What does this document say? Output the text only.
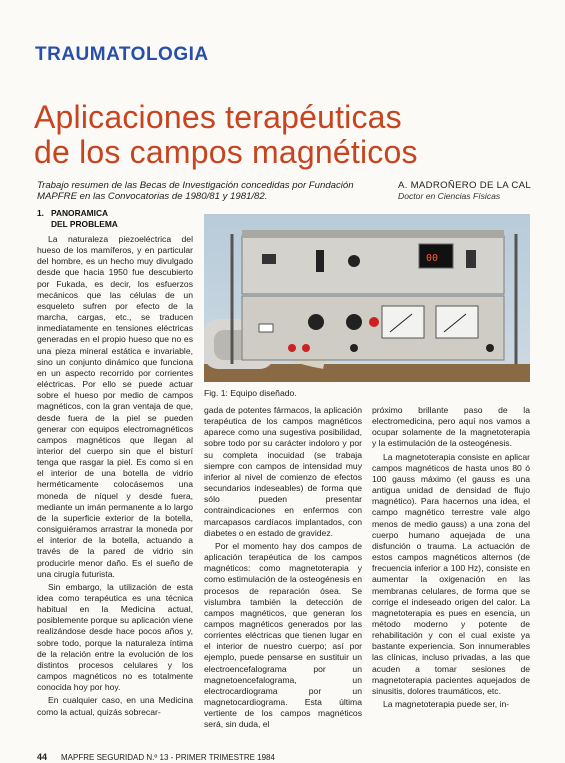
TRAUMATOLOGIA
Aplicaciones terapéuticas
de los campos magnéticos
Trabajo resumen de las Becas de Investigación concedidas por Fundación MAPFRE en las Convocatorias de 1980/81 y 1981/82.
A. MADROÑERO DE LA CAL
Doctor en Ciencias Físicas
1. PANORAMICA
DEL PROBLEMA

La naturaleza piezoeléctrica del hueso de los mamíferos, y en particular del hombre, es un hecho muy divulgado desde que hacia 1950 fue descubierto por Fukada, es decir, los esfuerzos mecánicos que las células de un esqueleto sufren por efecto de la marcha, cargas, etc., se traducen inmediatamente en tensiones eléctricas generadas en el propio hueso que no es una pieza mineral estática e invariable, sino un conjunto dinámico que funciona en un aspecto recorrido por corrientes eléctricas. Por ello se puede actuar sobre el hueso por medio de campos magnéticos, con la gran ventaja de que, desde fuera de la piel se pueden generar con equipos electromagnéticos campos magnéticos que llegan al interior del cuerpo sin que el bisturí tenga que rasgar la piel. Es como si en el interior de una botella de vidrio herméticamente colocásemos una moneda de níquel y desde fuera, mediante un imán permanente a lo largo de la superficie exterior de la botella, consiguiéramos arrastrar la moneda por el interior de la botella, actuando a través de la pared de vidrio sin producirle menor daño. Es el sueño de una cirugía futurista.

Sin embargo, la utilización de esta idea como terapéutica es una técnica habitual en la Medicina actual, posiblemente porque su aplicación viene realizándose desde hace pocos años y, sobre todo, porque la naturaleza íntima de la relación entre la evolución de los distintos procesos celulares y los campos magnéticos no es totalmente conocida hoy por hoy.

En cualquier caso, en una Medicina como la actual, quizás sobrecar-

00
Fig. 1: Equipo diseñado.

gada de potentes fármacos, la aplicación terapéutica de los campos magnéticos aparece como una sugestiva posibilidad, sobre todo por su carácter indoloro y por su completa inocuidad (se trabaja siempre con campos de intensidad muy inferior al nivel de comienzo de efectos secundarios indeseables) de forma que sólo pueden presentar contraindicaciones en enfermos con marcapasos cardíacos implantados, con diabetes o en estado de gravidez.

Por el momento hay dos campos de aplicación terapéutica de los campos magnéticos: como magnetoterapia y como estimulación de la osteogénesis en procesos de reparación ósea. Se vislumbra también la detección de campos magnéticos, que generan los campos magnéticos generados por las corrientes eléctricas que tienen lugar en el interior de nuestro cuerpo; así por ejemplo, puede pensarse en sustituir un electroencefalograma por un magnetoencefalograma, un electrocardiograma por un magnetocardiograma. Esta última vertiente de los campos magnéticos será, sin duda, el

próximo brillante paso de la electromedicina, pero aquí nos vamos a ocupar solamente de la magnetoterapia y la estimulación de la osteogénesis.

La magnetoterapia consiste en aplicar campos magnéticos de hasta unos 80 ó 100 gauss máximo (el gauss es una antigua unidad de densidad de flujo magnético). Para hacernos una idea, el campo magnético terrestre vale algo menos de medio gauss) a una zona del cuerpo humano aquejada de una disfunción o trauma. La actuación de estos campos magnéticos alternos (de frecuencia inferior a 100 Hz), consiste en aumentar la oxigenación en las membranas celulares, de forma que se corrige el indeseado origen del calor. La magnetoterapia es pues en esencia, un método moderno y potente de rehabilitación y con el cual existe ya bastante experiencia. Son innumerables las clínicas, incluso privadas, a las que acuden a tomar sesiones de magnetoterapia pacientes aquejados de sinusitis, dolores traumáticos, etc.

La magnetoterapia puede ser, in-

44 MAPFRE SEGURIDAD N.º 13 - PRIMER TRIMESTRE 1984
